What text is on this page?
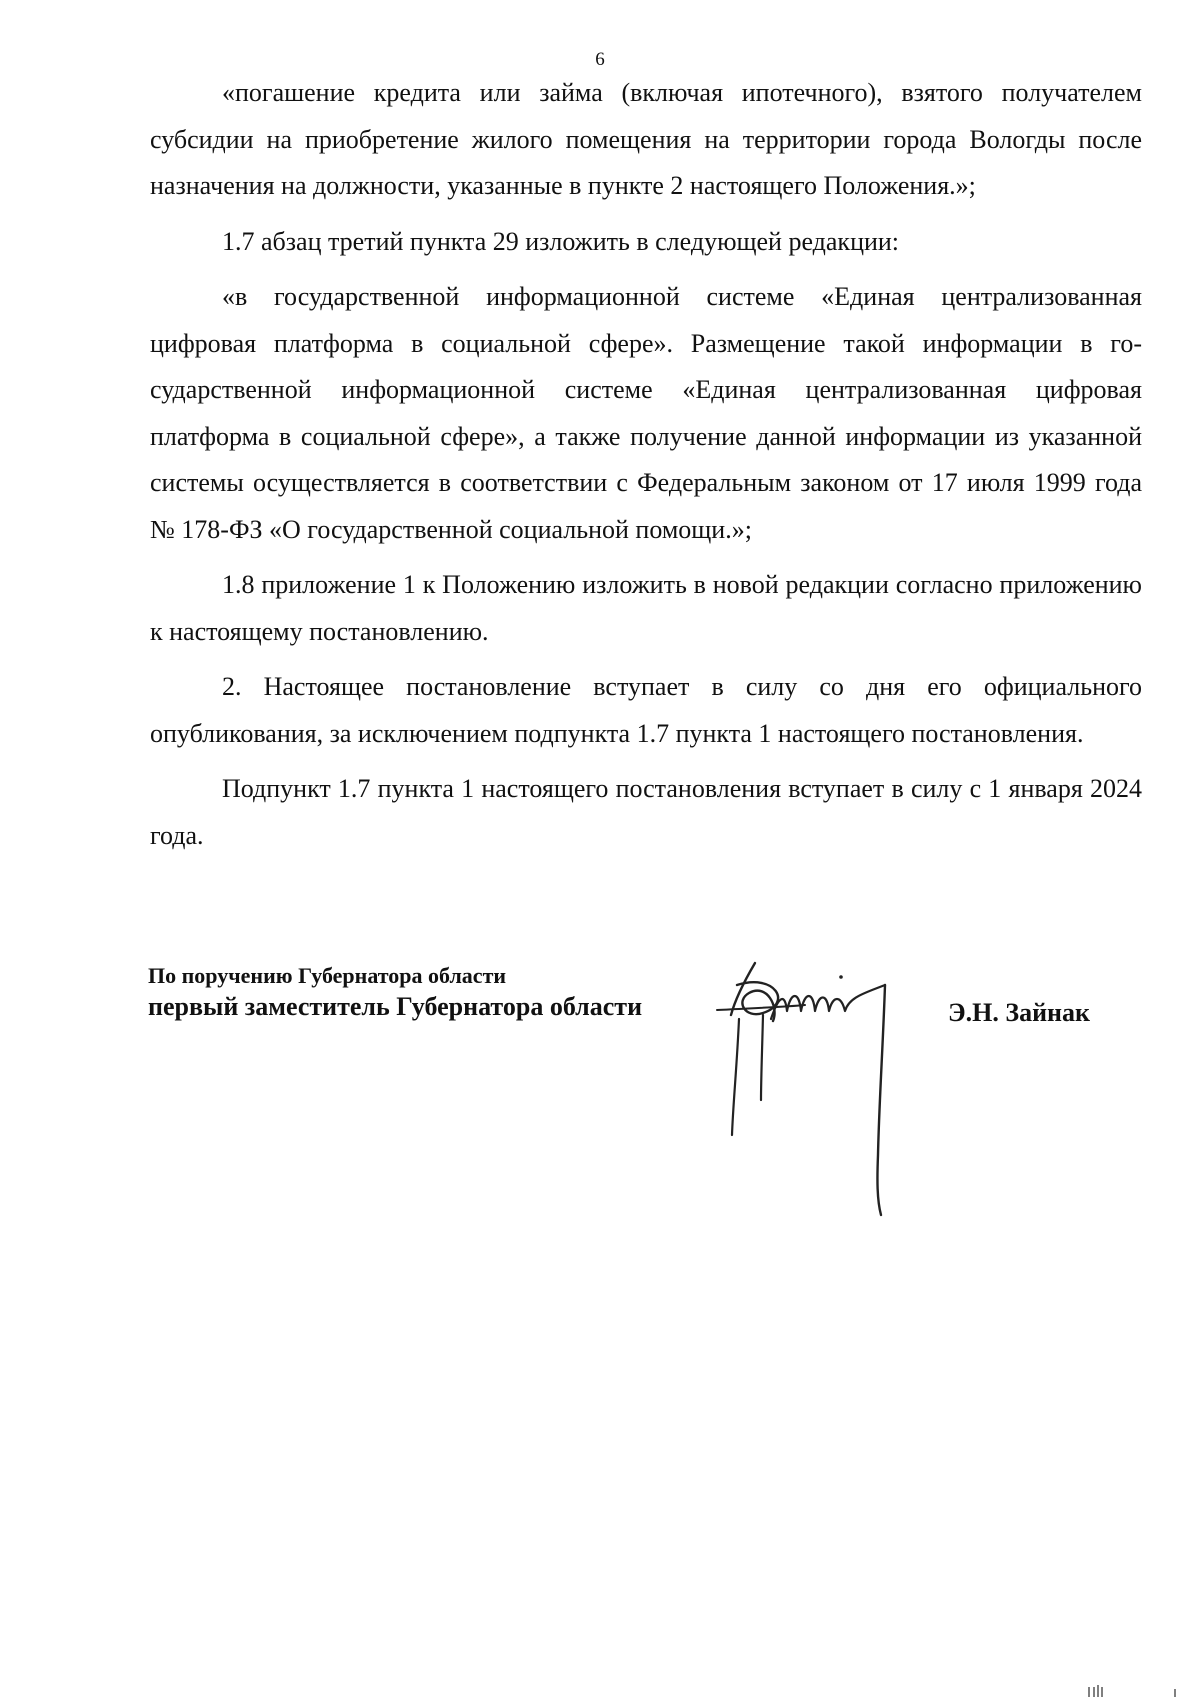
6

«погашение кредита или займа (включая ипотечного), взятого получателем субсидии на приобретение жилого помещения на территории города Вологды после назначения на должности, указанные в пункте 2 настоящего Положения.»;

1.7 абзац третий пункта 29 изложить в следующей редакции:

«в государственной информационной системе «Единая централизованная цифровая платформа в социальной сфере». Размещение такой информации в государственной информационной системе «Единая централизованная цифровая платформа в социальной сфере», а также получение данной информации из указанной системы осуществляется в соответствии с Федеральным законом от 17 июля 1999 года № 178-ФЗ «О государственной социальной помощи.»;

1.8 приложение 1 к Положению изложить в новой редакции согласно приложению к настоящему постановлению.

2. Настоящее постановление вступает в силу со дня его официального опубликования, за исключением подпункта 1.7 пункта 1 настоящего постановления.

Подпункт 1.7 пункта 1 настоящего постановления вступает в силу с 1 января 2024 года.

По поручению Губернатора области
первый заместитель Губернатора области	Э.Н. Зайнак
